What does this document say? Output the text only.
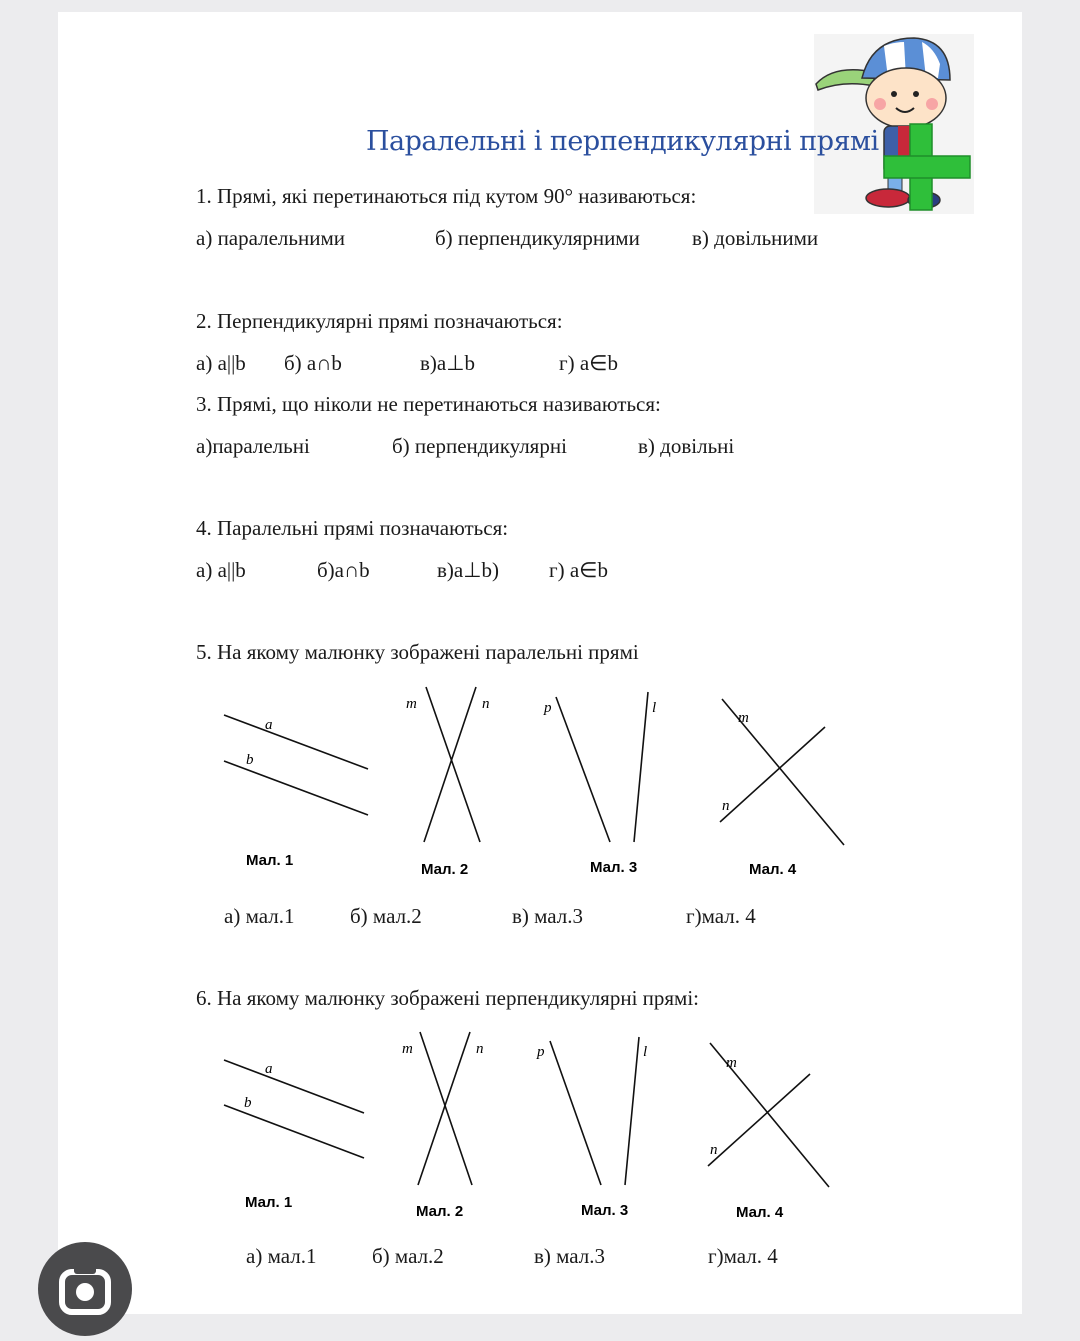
Паралельні і перпендикулярні прямі
1. Прямі, які перетинаються під кутом 90° називаються:
а) паралельними	б) перпендикулярними в) довільними
2. Перпендикулярні прямі позначаються:
а) a||b б) a∩b	в)a⊥b	г) a∈b
3. Прямі, що ніколи не перетинаються називаються:
а)паралельні	б) перпендикулярні	в) довільні
4. Паралельні прямі позначаються:
а) a||b	б)a∩b	в)a⊥b) г) a∈b
5. На якому малюнку зображені паралельні прямі
a
b
Мал. 1
m	n
Мал. 2
p	l
Мал. 3
m
n
Мал. 4
а) мал.1	б) мал.2	в) мал.3	г)мал. 4
6. На якому малюнку зображені перпендикулярні прямі:
a
b
Мал. 1
m	n
Мал. 2
p	l
Мал. 3
m
n
Мал. 4
а) мал.1	б) мал.2	в) мал.3	г)мал. 4
